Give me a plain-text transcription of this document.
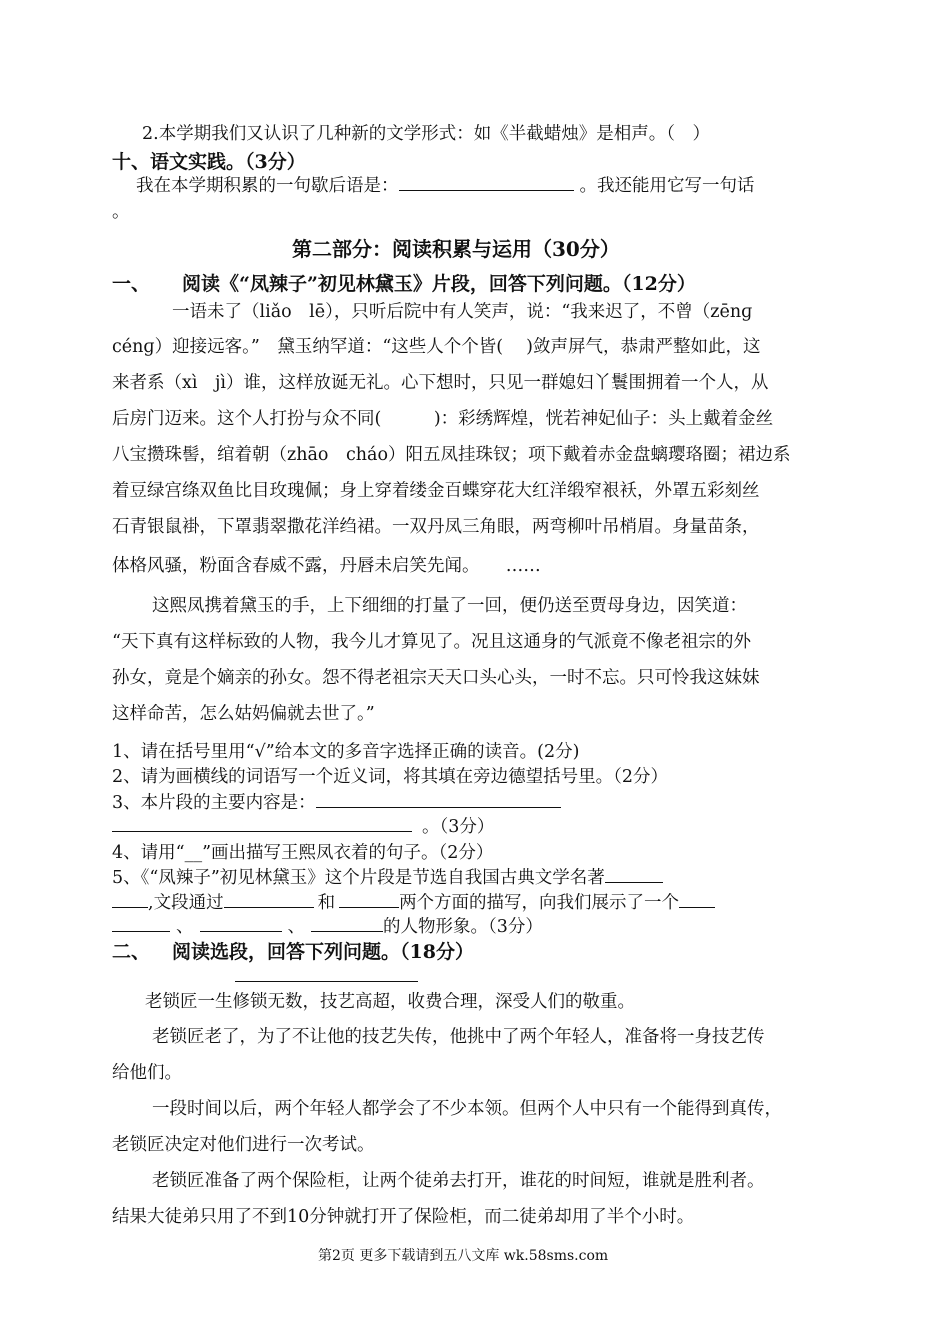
2.本学期我们又认识了几种新的文学形式：如《半截蜡烛》是相声。（　）
十、语文实践。（3分）
我在本学期积累的一句歇后语是：	。我还能用它写一句话
。
第二部分：阅读积累与运用（30分）
一、 阅读《“凤辣子”初见林黛玉》片段，回答下列问题。（12分）
一语未了（liǎo　lē），只听后院中有人笑声，说：“我来迟了，不曾（zēnɡ
cénɡ）迎接远客。”　黛玉纳罕道：“这些人个个皆(　 )敛声屏气，恭肃严整如此，这
来者系（xì　jì）谁，这样放诞无礼。心下想时，只见一群媳妇丫鬟围拥着一个人，从
后房门迈来。这个人打扮与众不同(　　　)：彩绣辉煌，恍若神妃仙子：头上戴着金丝
八宝攒珠髻，绾着朝（zhāo　cháo）阳五凤挂珠钗；项下戴着赤金盘螭璎珞圈；裙边系
着豆绿宫绦双鱼比目玫瑰佩；身上穿着缕金百蝶穿花大红洋缎窄裉袄，外罩五彩刻丝
石青银鼠褂，下罩翡翠撒花洋绉裙。一双丹凤三角眼，两弯柳叶吊梢眉。身量苗条，
体格风骚，粉面含春威不露，丹唇未启笑先闻。　　……
这熙凤携着黛玉的手，上下细细的打量了一回，便仍送至贾母身边，因笑道：
“天下真有这样标致的人物，我今儿才算见了。况且这通身的气派竟不像老祖宗的外
孙女，竟是个嫡亲的孙女。怨不得老祖宗天天口头心头，一时不忘。只可怜我这妹妹
这样命苦，怎么姑妈偏就去世了。”
1、请在括号里用“√”给本文的多音字选择正确的读音。(2分)
2、请为画横线的词语写一个近义词，将其填在旁边德望括号里。（2分）
3、本片段的主要内容是：
。（3分）
4、请用“__”画出描写王熙凤衣着的句子。（2分）
5、《“凤辣子”初见林黛玉》这个片段是节选自我国古典文学名著
,文段通过	和	两个方面的描写，向我们展示了一个
、	、	的人物形象。（3分）
二、 阅读选段，回答下列问题。（18分）
老锁匠一生修锁无数，技艺高超，收费合理，深受人们的敬重。
老锁匠老了，为了不让他的技艺失传，他挑中了两个年轻人，准备将一身技艺传
给他们。
一段时间以后，两个年轻人都学会了不少本领。但两个人中只有一个能得到真传，
老锁匠决定对他们进行一次考试。
老锁匠准备了两个保险柜，让两个徒弟去打开，谁花的时间短，谁就是胜利者。
结果大徒弟只用了不到10分钟就打开了保险柜，而二徒弟却用了半个小时。
第2页 更多下载请到五八文库 wk.58sms.com
